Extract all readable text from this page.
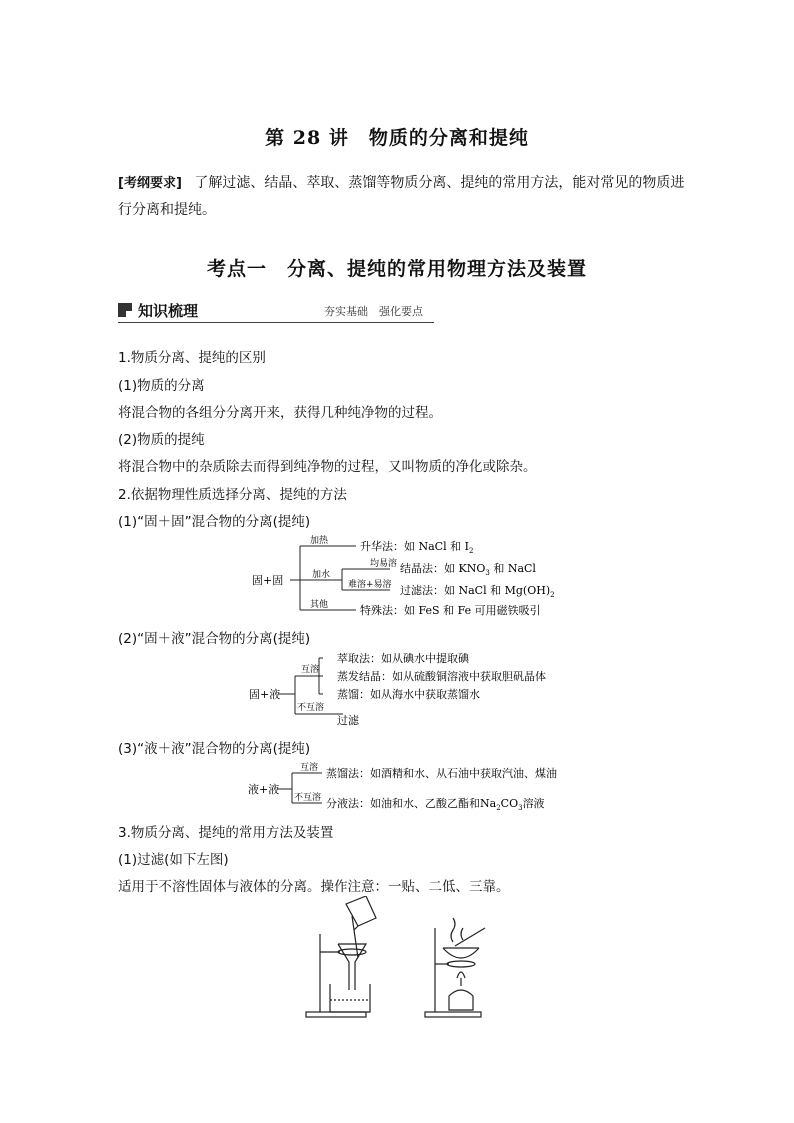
第 28 讲　物质的分离和提纯
[考纲要求] 了解过滤、结晶、萃取、蒸馏等物质分离、提纯的常用方法，能对常见的物质进
行分离和提纯。
考点一　分离、提纯的常用物理方法及装置
知识梳理	夯实基础　强化要点
1.物质分离、提纯的区别
(1)物质的分离
将混合物的各组分分离开来，获得几种纯净物的过程。
(2)物质的提纯
将混合物中的杂质除去而得到纯净物的过程，又叫物质的净化或除杂。
2.依据物理性质选择分离、提纯的方法
(1)“固＋固”混合物的分离(提纯)
固+固
加热
加水
其他
升华法：如 NaCl 和 $I_2$
均易溶 结晶法：如 $KNO_3$ 和 NaCl
难溶+易溶 过滤法：如 NaCl 和 $Mg(OH)_2$
特殊法：如 FeS 和 Fe 可用磁铁吸引
(2)“固＋液”混合物的分离(提纯)
固+液
互溶
不互溶
萃取法：如从碘水中提取碘
蒸发结晶：如从硫酸铜溶液中获取胆矾晶体
蒸馏：如从海水中获取蒸馏水
过滤
(3)“液＋液”混合物的分离(提纯)
液+液
互溶
不互溶
蒸馏法：如酒精和水、从石油中获取汽油、煤油
分液法：如油和水、乙酸乙酯和$Na_2CO_3$溶液
3.物质分离、提纯的常用方法及装置
(1)过滤(如下左图)
适用于不溶性固体与液体的分离。操作注意：一贴、二低、三靠。
